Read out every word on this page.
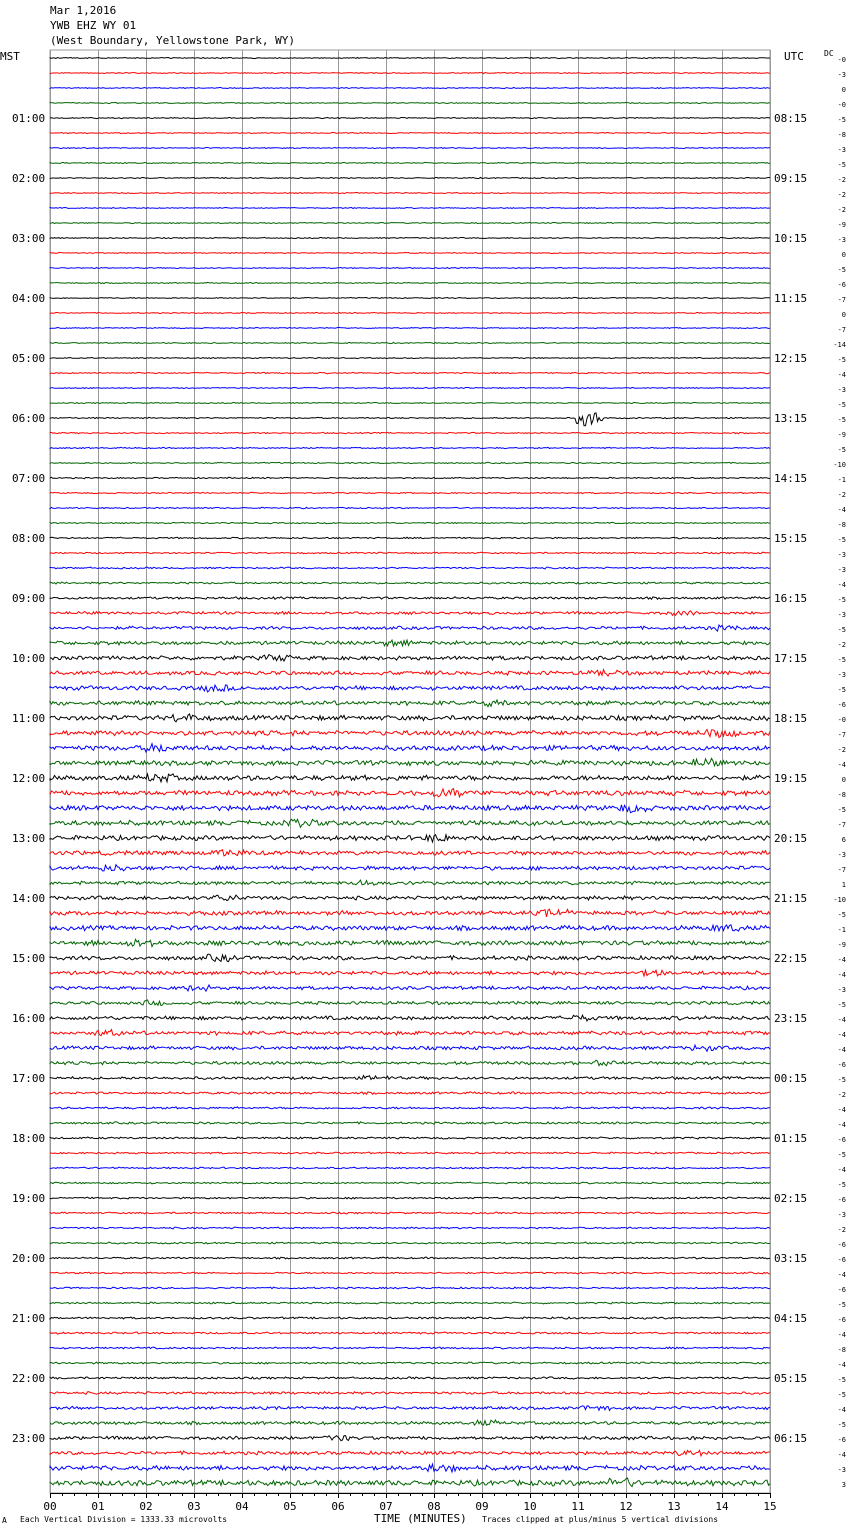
Mar 1,2016
YWB EHZ WY 01
(West Boundary, Yellowstone Park, WY)
00	01	02	03	04	05	06	07	08	09	10	11	12	13	14	15
01:00
02:00
03:00
04:00
05:00
06:00
07:00
08:00
09:00
10:00
11:00
12:00
13:00
14:00
15:00
16:00
17:00
18:00
19:00
20:00
21:00
22:00
23:00
08:15
09:15
10:15
11:15
12:15
13:15
14:15
15:15
16:15
17:15
18:15
19:15
20:15
21:15
22:15
23:15
00:15
01:15
02:15
03:15
04:15
05:15
06:15
-0
-3
0
-0
-5
-8
-3
-5
-2
-2
-2
-9
-3
0
-5
-6
-7
0
-7
-14
-5
-4
-3
-5
-5
-9
-5
-10
-1
-2
-4
-8
-5
-3
-3
-4
-5
-3
-5
-2
-5
-3
-5
-6
-0
-7
-2
-4
0
-8
-5
-7
6
-3
-7
1
-10
-5
-1
-9
-4
-4
-3
-5
-4
-4
-4
-6
-5
-2
-4
-4
-6
-5
-4
-5
-6
-3
-2
-6
-6
-4
-6
-5
-6
-4
-8
-4
-5
-5
-4
-5
-6
-4
-3
3
MST	UTC	DC
A Each Vertical Division = 1333.33 microvolts	TIME (MINUTES) Traces clipped at plus/minus 5 vertical divisions
